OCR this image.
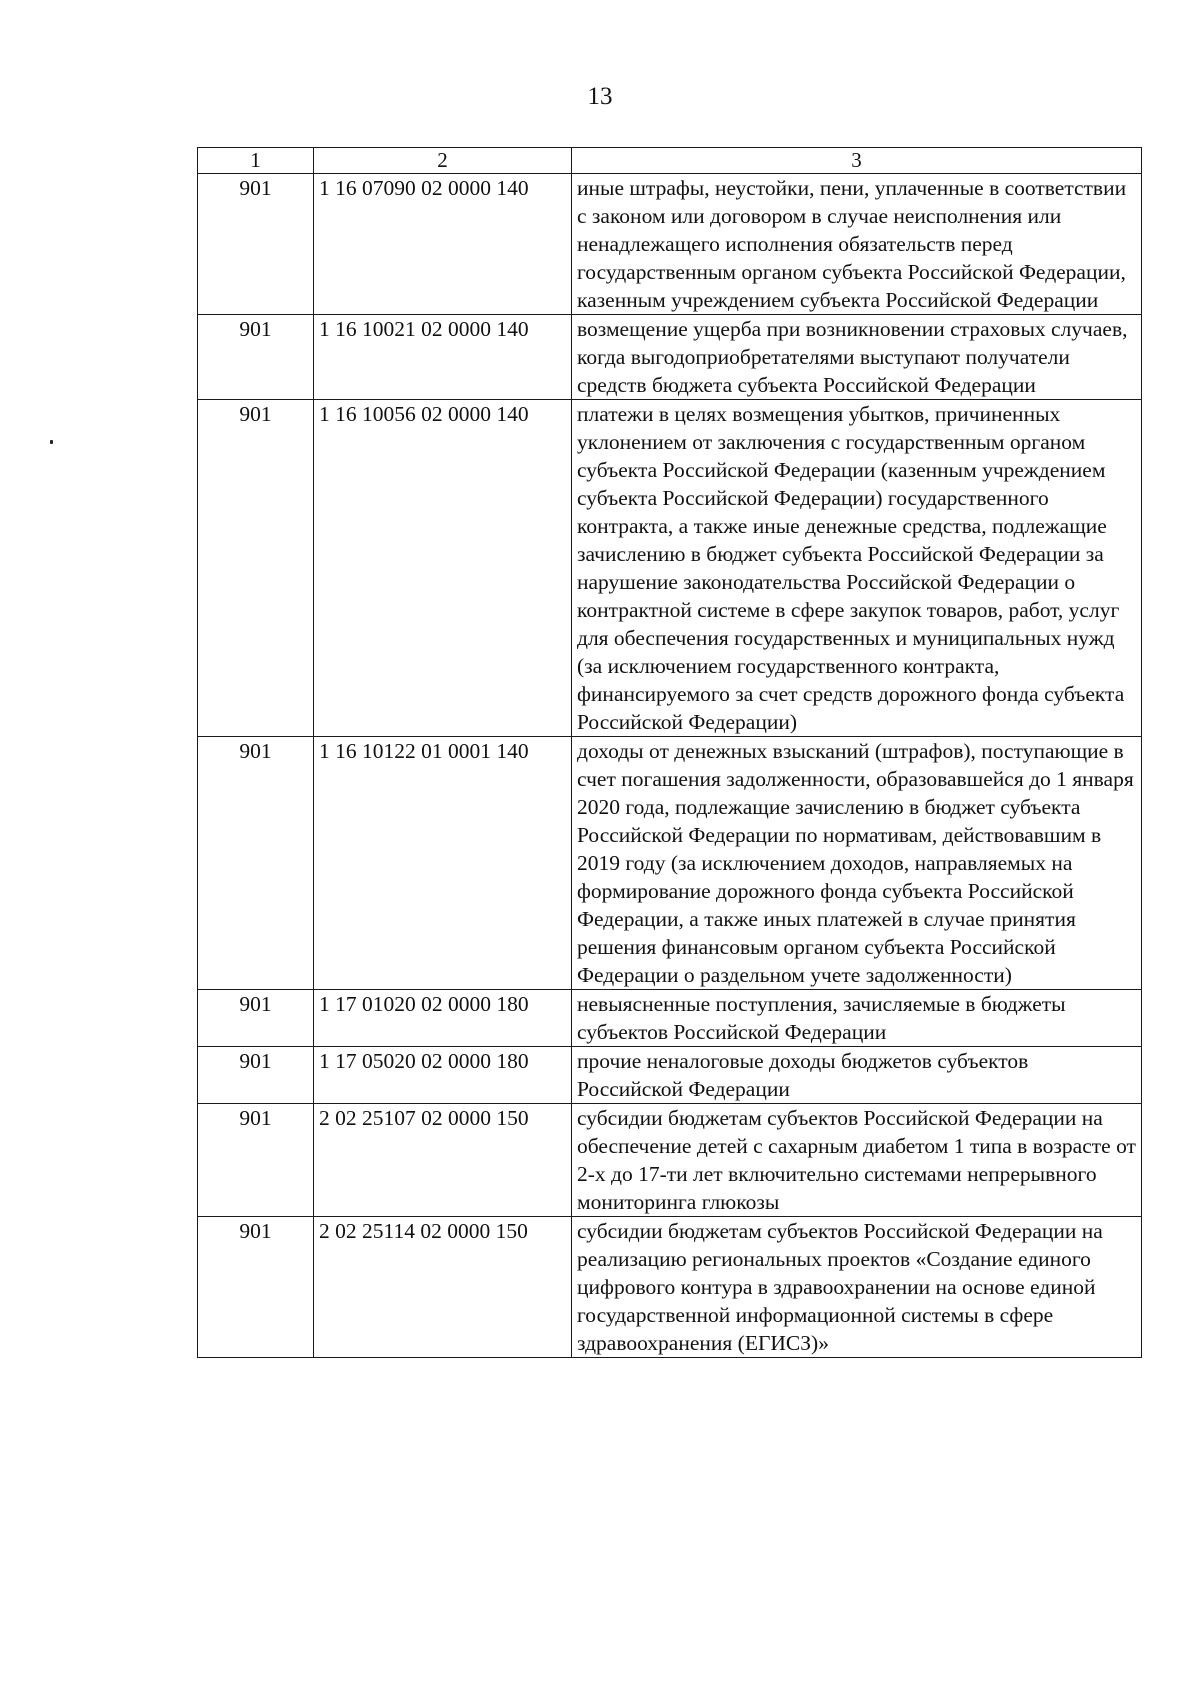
13
1	2	3
901	1 16 07090 02 0000 140	иные штрафы, неустойки, пени, уплаченные в соответствии с законом или договором в случае неисполнения или ненадлежащего исполнения обязательств перед государственным органом субъекта Российской Федерации, казенным учреждением субъекта Российской Федерации
901	1 16 10021 02 0000 140	возмещение ущерба при возникновении страховых случаев, когда выгодоприобретателями выступают получатели средств бюджета субъекта Российской Федерации
901	1 16 10056 02 0000 140	платежи в целях возмещения убытков, причиненных уклонением от заключения с государственным органом субъекта Российской Федерации (казенным учреждением субъекта Российской Федерации) государственного контракта, а также иные денежные средства, подлежащие зачислению в бюджет субъекта Российской Федерации за нарушение законодательства Российской Федерации о контрактной системе в сфере закупок товаров, работ, услуг для обеспечения государственных и муниципальных нужд (за исключением государственного контракта, финансируемого за счет средств дорожного фонда субъекта Российской Федерации)
901	1 16 10122 01 0001 140	доходы от денежных взысканий (штрафов), поступающие в счет погашения задолженности, образовавшейся до 1 января 2020 года, подлежащие зачислению в бюджет субъекта Российской Федерации по нормативам, действовавшим в 2019 году (за исключением доходов, направляемых на формирование дорожного фонда субъекта Российской Федерации, а также иных платежей в случае принятия решения финансовым органом субъекта Российской Федерации о раздельном учете задолженности)
901	1 17 01020 02 0000 180	невыясненные поступления, зачисляемые в бюджеты субъектов Российской Федерации
901	1 17 05020 02 0000 180	прочие неналоговые доходы бюджетов субъектов Российской Федерации
901	2 02 25107 02 0000 150	субсидии бюджетам субъектов Российской Федерации на обеспечение детей с сахарным диабетом 1 типа в возрасте от 2-х до 17-ти лет включительно системами непрерывного мониторинга глюкозы
901	2 02 25114 02 0000 150	субсидии бюджетам субъектов Российской Федерации на реализацию региональных проектов «Создание единого цифрового контура в здравоохранении на основе единой государственной информационной системы в сфере здравоохранения (ЕГИСЗ)»
